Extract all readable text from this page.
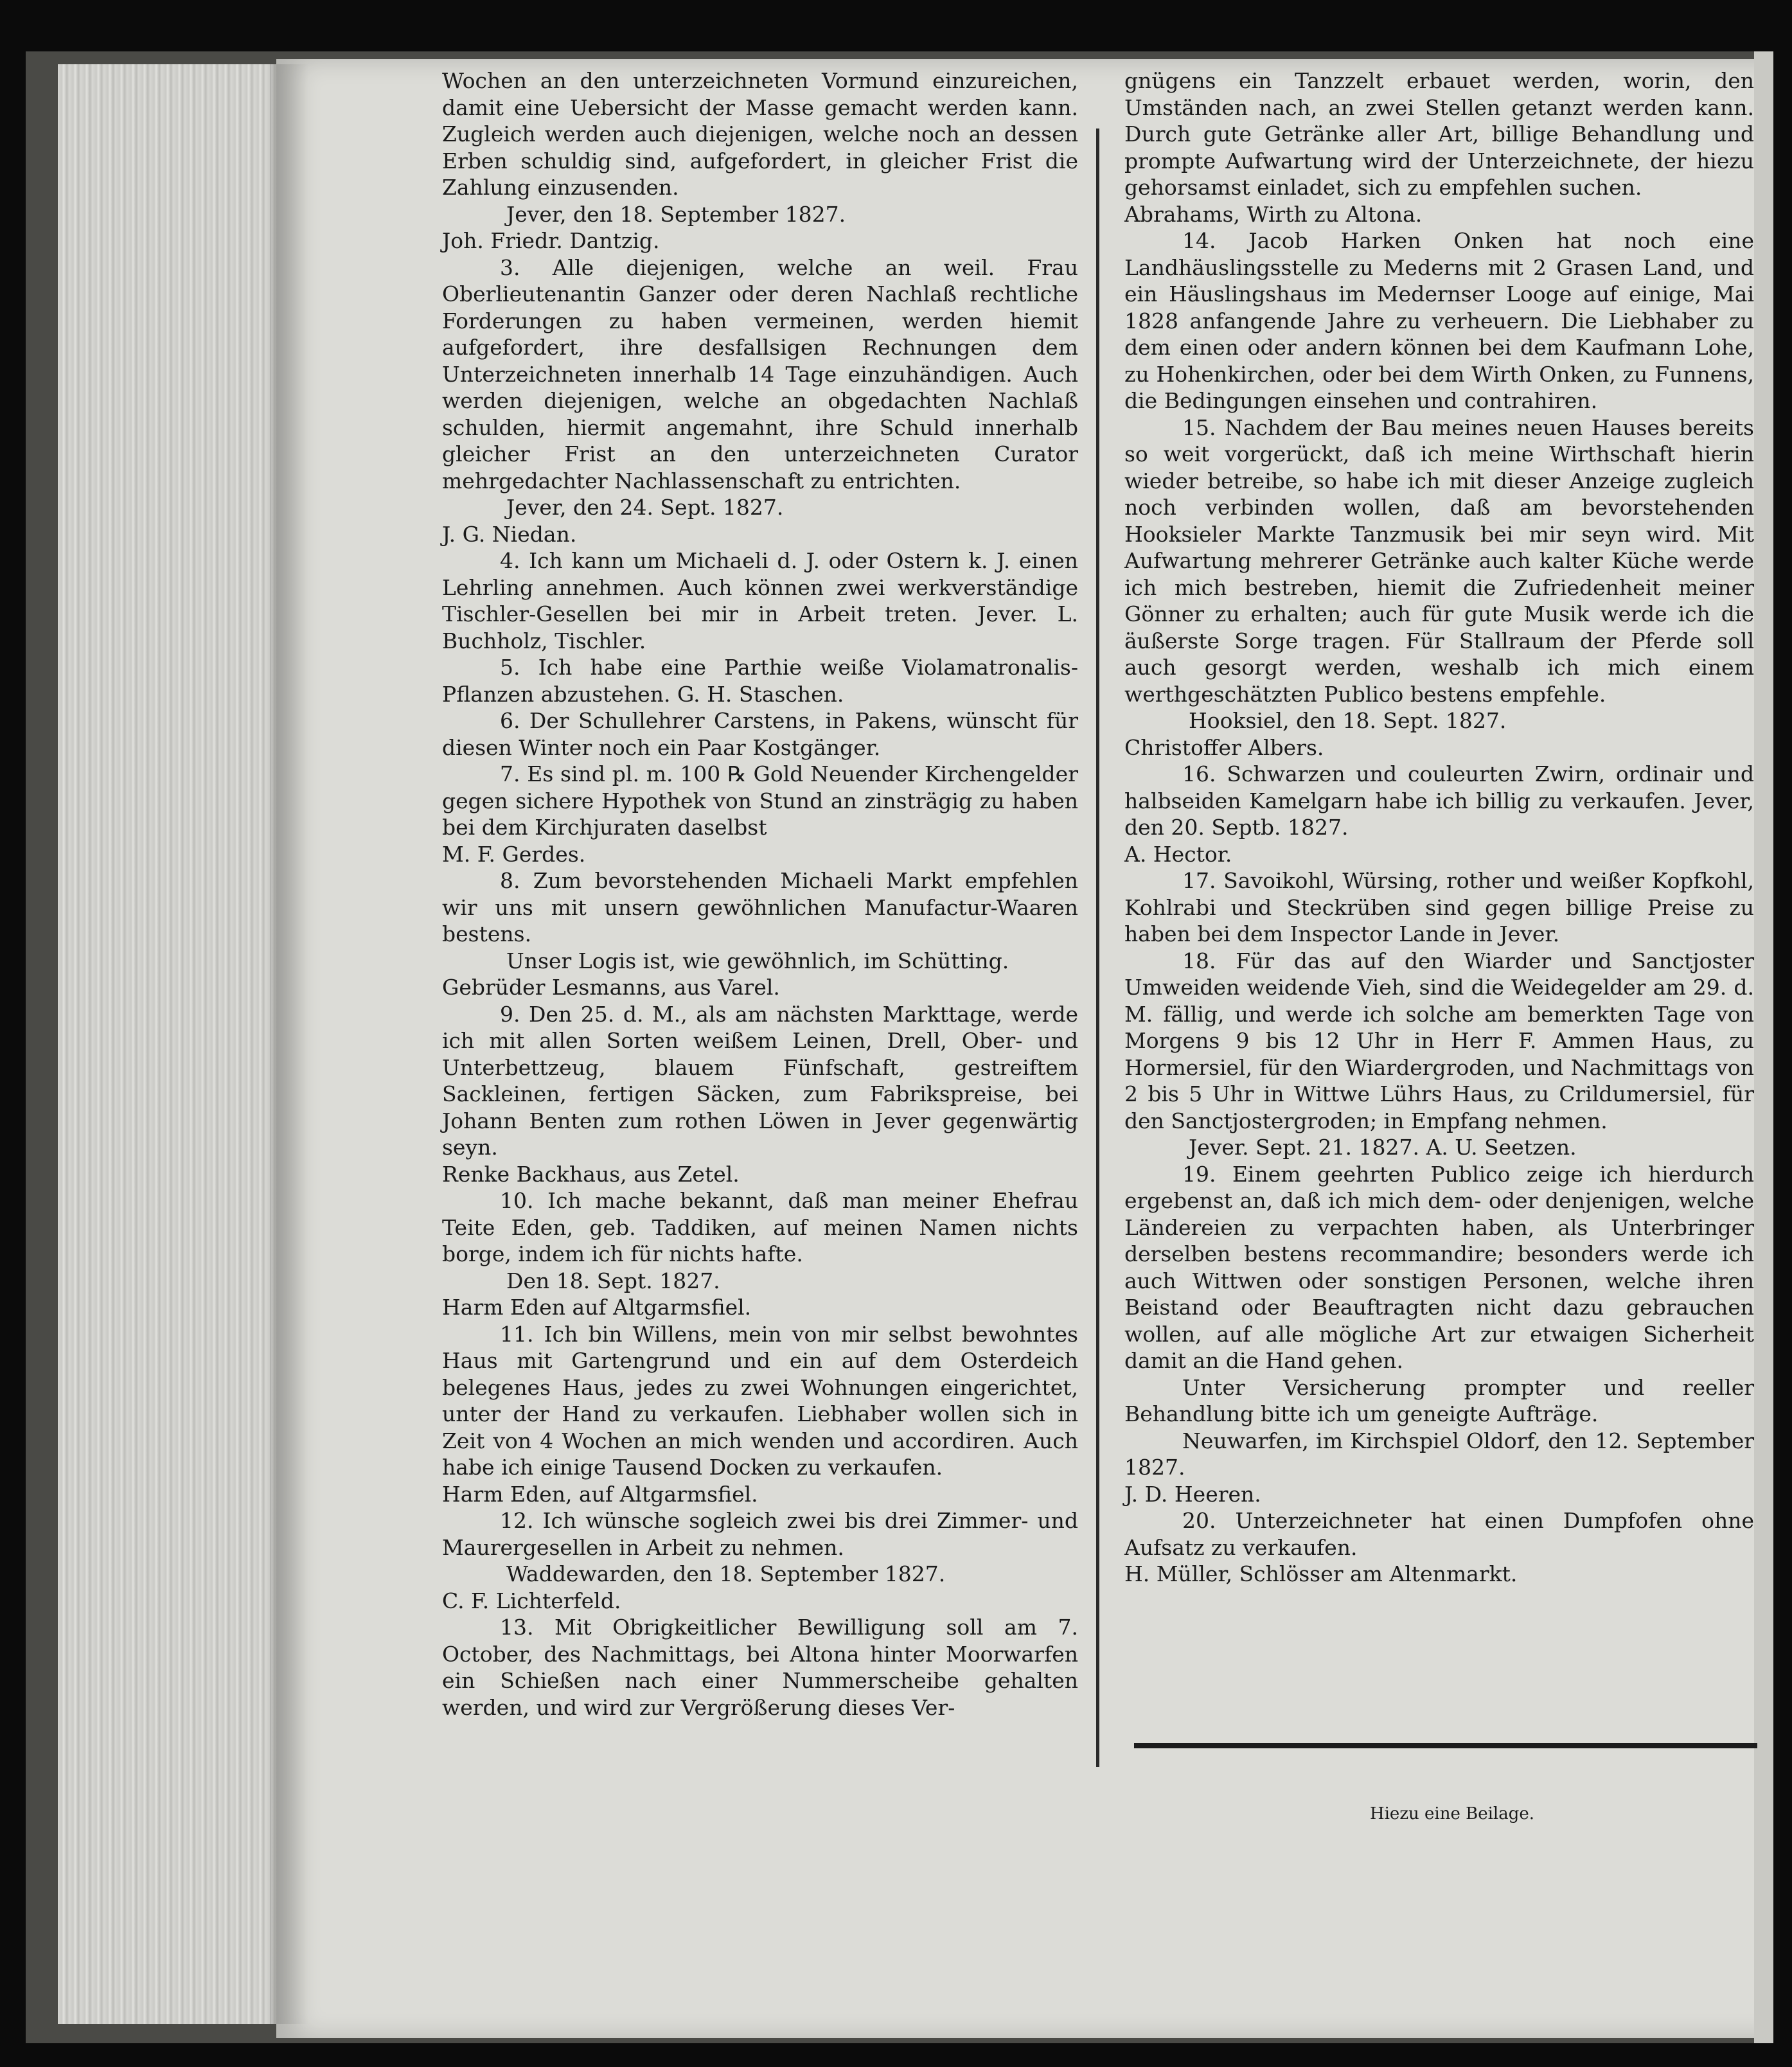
Wochen an den unterzeichneten Vormund einzureichen, damit eine Uebersicht der Masse gemacht werden kann. Zugleich werden auch diejenigen, welche noch an dessen Erben schuldig sind, aufgefordert, in gleicher Frist die Zahlung einzusenden.

Jever, den 18. September 1827.

Joh. Friedr. Dantzig.

3. Alle diejenigen, welche an weil. Frau Oberlieutenantin Ganzer oder deren Nachlaß rechtliche Forderungen zu haben vermeinen, werden hiemit aufgefordert, ihre desfallsigen Rechnungen dem Unterzeichneten innerhalb 14 Tage einzuhändigen. Auch werden diejenigen, welche an obgedachten Nachlaß schulden, hiermit angemahnt, ihre Schuld innerhalb gleicher Frist an den unterzeichneten Curator mehrgedachter Nachlassenschaft zu entrichten.

Jever, den 24. Sept. 1827.

J. G. Niedan.

4. Ich kann um Michaeli d. J. oder Ostern k. J. einen Lehrling annehmen. Auch können zwei werkverständige Tischler-Gesellen bei mir in Arbeit treten. Jever. L. Buchholz, Tischler.

5. Ich habe eine Parthie weiße Violamatronalis-Pflanzen abzustehen. G. H. Staschen.

6. Der Schullehrer Carstens, in Pakens, wünscht für diesen Winter noch ein Paar Kostgänger.

7. Es sind pl. m. 100 ℞ Gold Neuender Kirchengelder gegen sichere Hypothek von Stund an zinsträgig zu haben bei dem Kirchjuraten daselbst

M. F. Gerdes.

8. Zum bevorstehenden Michaeli Markt empfehlen wir uns mit unsern gewöhnlichen Manufactur-Waaren bestens.

Unser Logis ist, wie gewöhnlich, im Schütting.

Gebrüder Lesmanns, aus Varel.

9. Den 25. d. M., als am nächsten Markttage, werde ich mit allen Sorten weißem Leinen, Drell, Ober- und Unterbettzeug, blauem Fünfschaft, gestreiftem Sackleinen, fertigen Säcken, zum Fabrikspreise, bei Johann Benten zum rothen Löwen in Jever gegenwärtig seyn.

Renke Backhaus, aus Zetel.

10. Ich mache bekannt, daß man meiner Ehefrau Teite Eden, geb. Taddiken, auf meinen Namen nichts borge, indem ich für nichts hafte.

Den 18. Sept. 1827.

Harm Eden auf Altgarmsfiel.

11. Ich bin Willens, mein von mir selbst bewohntes Haus mit Gartengrund und ein auf dem Osterdeich belegenes Haus, jedes zu zwei Wohnungen eingerichtet, unter der Hand zu verkaufen. Liebhaber wollen sich in Zeit von 4 Wochen an mich wenden und accordiren. Auch habe ich einige Tausend Docken zu verkaufen.

Harm Eden, auf Altgarmsfiel.

12. Ich wünsche sogleich zwei bis drei Zimmer- und Maurergesellen in Arbeit zu nehmen.

Waddewarden, den 18. September 1827.

C. F. Lichterfeld.

13. Mit Obrigkeitlicher Bewilligung soll am 7. October, des Nachmittags, bei Altona hinter Moorwarfen ein Schießen nach einer Nummerscheibe gehalten werden, und wird zur Vergrößerung dieses Ver-

gnügens ein Tanzzelt erbauet werden, worin, den Umständen nach, an zwei Stellen getanzt werden kann. Durch gute Getränke aller Art, billige Behandlung und prompte Aufwartung wird der Unterzeichnete, der hiezu gehorsamst einladet, sich zu empfehlen suchen.

Abrahams, Wirth zu Altona.

14. Jacob Harken Onken hat noch eine Landhäuslingsstelle zu Mederns mit 2 Grasen Land, und ein Häuslingshaus im Medernser Looge auf einige, Mai 1828 anfangende Jahre zu verheuern. Die Liebhaber zu dem einen oder andern können bei dem Kaufmann Lohe, zu Hohenkirchen, oder bei dem Wirth Onken, zu Funnens, die Bedingungen einsehen und contrahiren.

15. Nachdem der Bau meines neuen Hauses bereits so weit vorgerückt, daß ich meine Wirthschaft hierin wieder betreibe, so habe ich mit dieser Anzeige zugleich noch verbinden wollen, daß am bevorstehenden Hooksieler Markte Tanzmusik bei mir seyn wird. Mit Aufwartung mehrerer Getränke auch kalter Küche werde ich mich bestreben, hiemit die Zufriedenheit meiner Gönner zu erhalten; auch für gute Musik werde ich die äußerste Sorge tragen. Für Stallraum der Pferde soll auch gesorgt werden, weshalb ich mich einem werthgeschätzten Publico bestens empfehle.

Hooksiel, den 18. Sept. 1827.

Christoffer Albers.

16. Schwarzen und couleurten Zwirn, ordinair und halbseiden Kamelgarn habe ich billig zu verkaufen. Jever, den 20. Septb. 1827.

A. Hector.

17. Savoikohl, Würsing, rother und weißer Kopfkohl, Kohlrabi und Steckrüben sind gegen billige Preise zu haben bei dem Inspector Lande in Jever.

18. Für das auf den Wiarder und Sanctjoster Umweiden weidende Vieh, sind die Weidegelder am 29. d. M. fällig, und werde ich solche am bemerkten Tage von Morgens 9 bis 12 Uhr in Herr F. Ammen Haus, zu Hormersiel, für den Wiardergroden, und Nachmittags von 2 bis 5 Uhr in Wittwe Lührs Haus, zu Crildumersiel, für den Sanctjostergroden; in Empfang nehmen.

Jever. Sept. 21. 1827. A. U. Seetzen.

19. Einem geehrten Publico zeige ich hierdurch ergebenst an, daß ich mich dem- oder denjenigen, welche Ländereien zu verpachten haben, als Unterbringer derselben bestens recommandire; besonders werde ich auch Wittwen oder sonstigen Personen, welche ihren Beistand oder Beauftragten nicht dazu gebrauchen wollen, auf alle mögliche Art zur etwaigen Sicherheit damit an die Hand gehen.

Unter Versicherung prompter und reeller Behandlung bitte ich um geneigte Aufträge.

Neuwarfen, im Kirchspiel Oldorf, den 12. September 1827.

J. D. Heeren.

20. Unterzeichneter hat einen Dumpfofen ohne Aufsatz zu verkaufen.

H. Müller, Schlösser am Altenmarkt.

Hiezu eine Beilage.
